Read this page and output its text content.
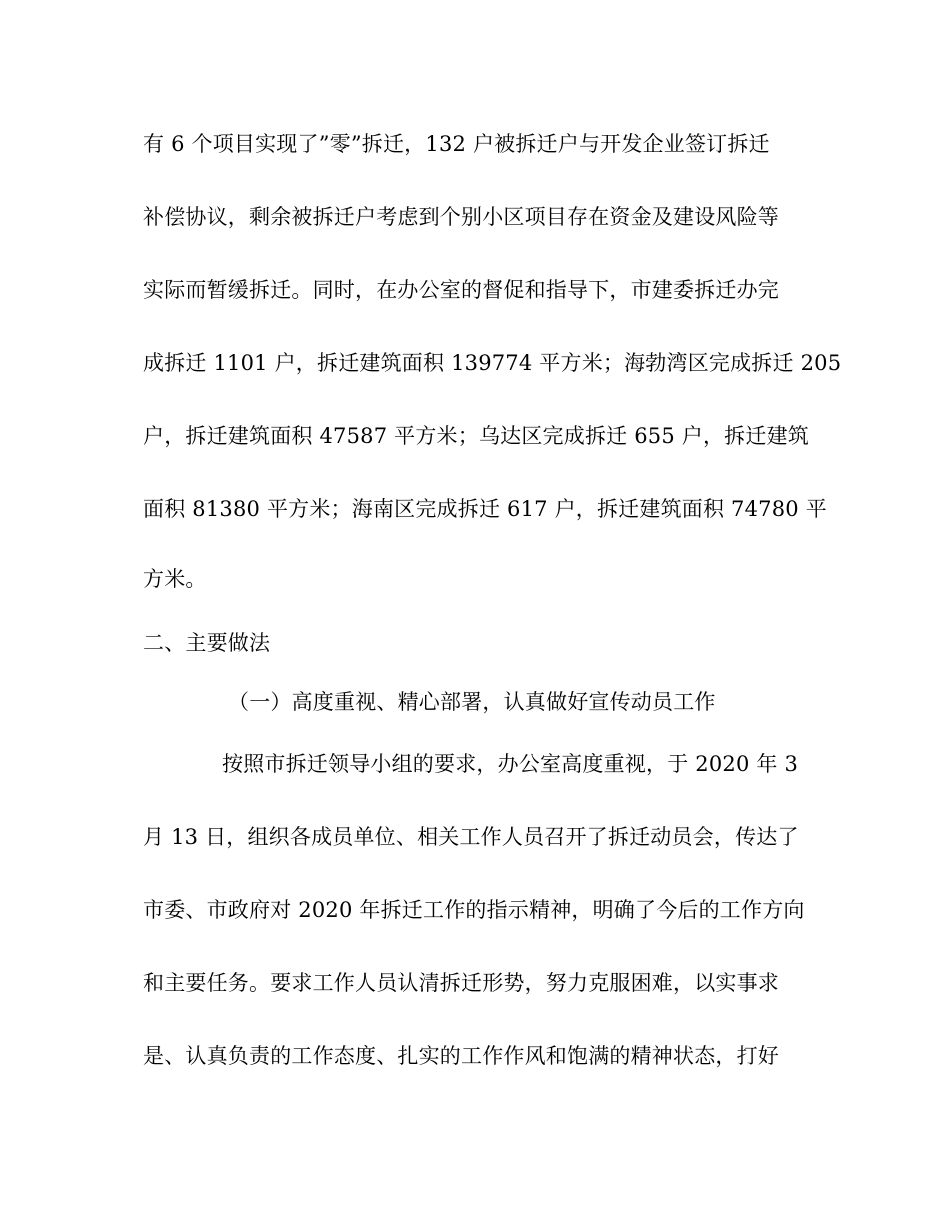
有 6 个项目实现了”零”拆迁，132 户被拆迁户与开发企业签订拆迁
补偿协议，剩余被拆迁户考虑到个别小区项目存在资金及建设风险等
实际而暂缓拆迁。同时，在办公室的督促和指导下，市建委拆迁办完
成拆迁 1101 户，拆迁建筑面积 139774 平方米；海勃湾区完成拆迁 205
户，拆迁建筑面积 47587 平方米；乌达区完成拆迁 655 户，拆迁建筑
面积 81380 平方米；海南区完成拆迁 617 户，拆迁建筑面积 74780 平
方米。
二、主要做法
（一）高度重视、精心部署，认真做好宣传动员工作
按照市拆迁领导小组的要求，办公室高度重视，于 2020 年 3
月 13 日，组织各成员单位、相关工作人员召开了拆迁动员会，传达了
市委、市政府对 2020 年拆迁工作的指示精神，明确了今后的工作方向
和主要任务。要求工作人员认清拆迁形势，努力克服困难，以实事求
是、认真负责的工作态度、扎实的工作作风和饱满的精神状态，打好
